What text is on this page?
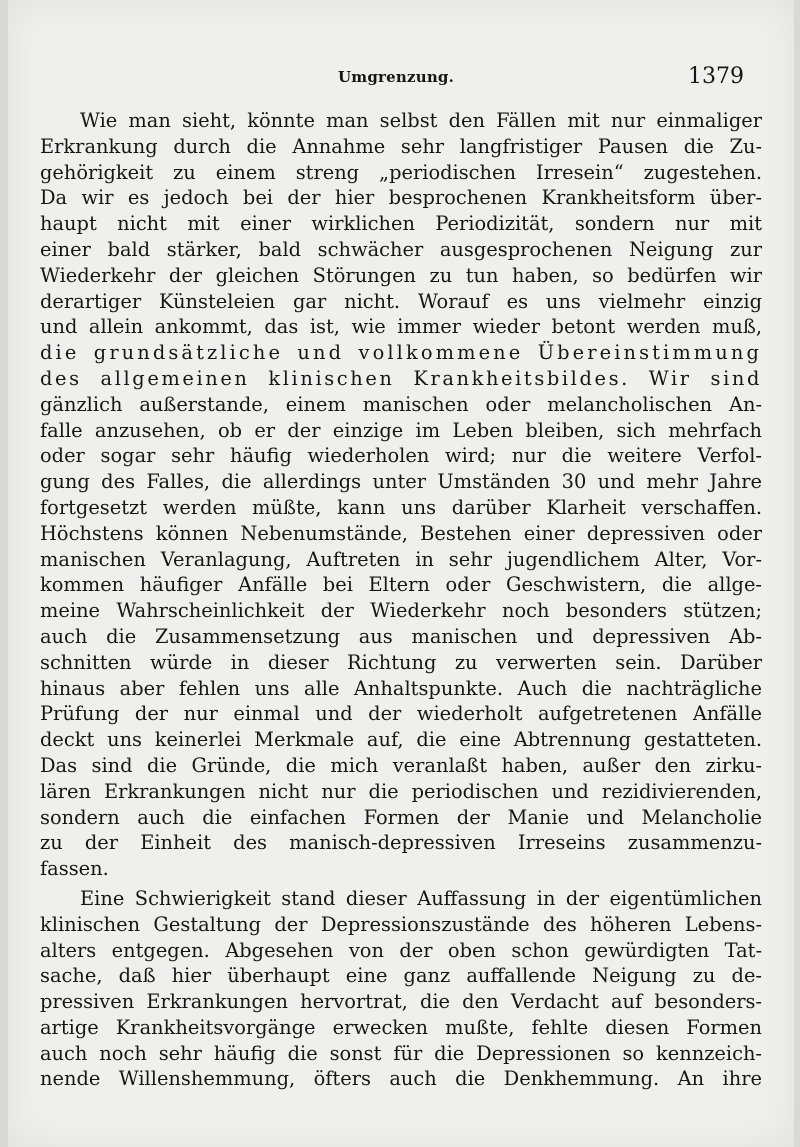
Umgrenzung.	1379
Wie man sieht, könnte man selbst den Fällen mit nur einmaliger
Erkrankung durch die Annahme sehr langfristiger Pausen die Zu-
gehörigkeit zu einem streng „periodischen Irresein“ zugestehen.
Da wir es jedoch bei der hier besprochenen Krankheitsform über-
haupt nicht mit einer wirklichen Periodizität, sondern nur mit
einer bald stärker, bald schwächer ausgesprochenen Neigung zur
Wiederkehr der gleichen Störungen zu tun haben, so bedürfen wir
derartiger Künsteleien gar nicht. Worauf es uns vielmehr einzig
und allein ankommt, das ist, wie immer wieder betont werden muß,
die grundsätzliche und vollkommene Übereinstimmung
des allgemeinen klinischen Krankheitsbildes. Wir sind
gänzlich außerstande, einem manischen oder melancholischen An-
falle anzusehen, ob er der einzige im Leben bleiben, sich mehrfach
oder sogar sehr häufig wiederholen wird; nur die weitere Verfol-
gung des Falles, die allerdings unter Umständen 30 und mehr Jahre
fortgesetzt werden müßte, kann uns darüber Klarheit verschaffen.
Höchstens können Nebenumstände, Bestehen einer depressiven oder
manischen Veranlagung, Auftreten in sehr jugendlichem Alter, Vor-
kommen häufiger Anfälle bei Eltern oder Geschwistern, die allge-
meine Wahrscheinlichkeit der Wiederkehr noch besonders stützen;
auch die Zusammensetzung aus manischen und depressiven Ab-
schnitten würde in dieser Richtung zu verwerten sein. Darüber
hinaus aber fehlen uns alle Anhaltspunkte. Auch die nachträgliche
Prüfung der nur einmal und der wiederholt aufgetretenen Anfälle
deckt uns keinerlei Merkmale auf, die eine Abtrennung gestatteten.
Das sind die Gründe, die mich veranlaßt haben, außer den zirku-
lären Erkrankungen nicht nur die periodischen und rezidivierenden,
sondern auch die einfachen Formen der Manie und Melancholie
zu der Einheit des manisch-depressiven Irreseins zusammenzu-
fassen.
Eine Schwierigkeit stand dieser Auffassung in der eigentümlichen
klinischen Gestaltung der Depressionszustände des höheren Lebens-
alters entgegen. Abgesehen von der oben schon gewürdigten Tat-
sache, daß hier überhaupt eine ganz auffallende Neigung zu de-
pressiven Erkrankungen hervortrat, die den Verdacht auf besonders-
artige Krankheitsvorgänge erwecken mußte, fehlte diesen Formen
auch noch sehr häufig die sonst für die Depressionen so kennzeich-
nende Willenshemmung, öfters auch die Denkhemmung. An ihre
